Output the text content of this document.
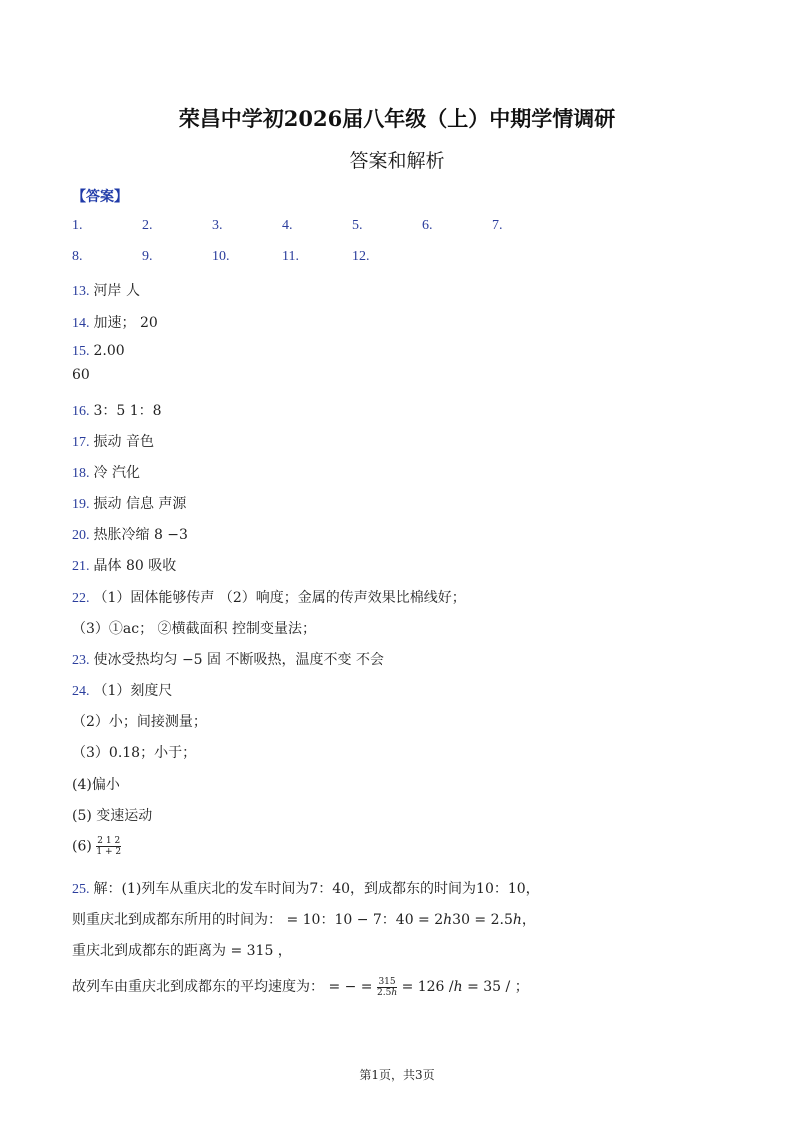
荣昌中学初2026届八年级（上）中期学情调研
答案和解析
【答案】
1.	2.	3.	4.	5.	6.	7.
8.	9.	10.	11.	12.
13. 河岸 人
14. 加速； 20
15. 2.00
60
16. 3：5 1：8
17. 振动 音色
18. 冷 汽化
19. 振动 信息 声源
20. 热胀冷缩 8 −3
21. 晶体 80 吸收
22. （1）固体能够传声 （2）响度；金属的传声效果比棉线好；
（3）①ac； ②横截面积 控制变量法；
23. 使冰受热均匀 −5 固 不断吸热，温度不变 不会
24. （1）刻度尺
（2）小；间接测量；
（3）0.18；小于；
(4)偏小
(5) 变速运动
$(6) \frac{2 1 2}{1 + 2}$
25. 解：(1)列车从重庆北的发车时间为7：40，到成都东的时间为10：10，
则重庆北到成都东所用的时间为： = 10：10 − 7：40 = 2ℎ30 = 2.5ℎ，
重庆北到成都东的距离为 = 315 ，
故列车由重庆北到成都东的平均速度为： = − = $\frac{315}{\text{2.5ℎ}} = 126$ /ℎ = 35 / ；
第1页，共3页
